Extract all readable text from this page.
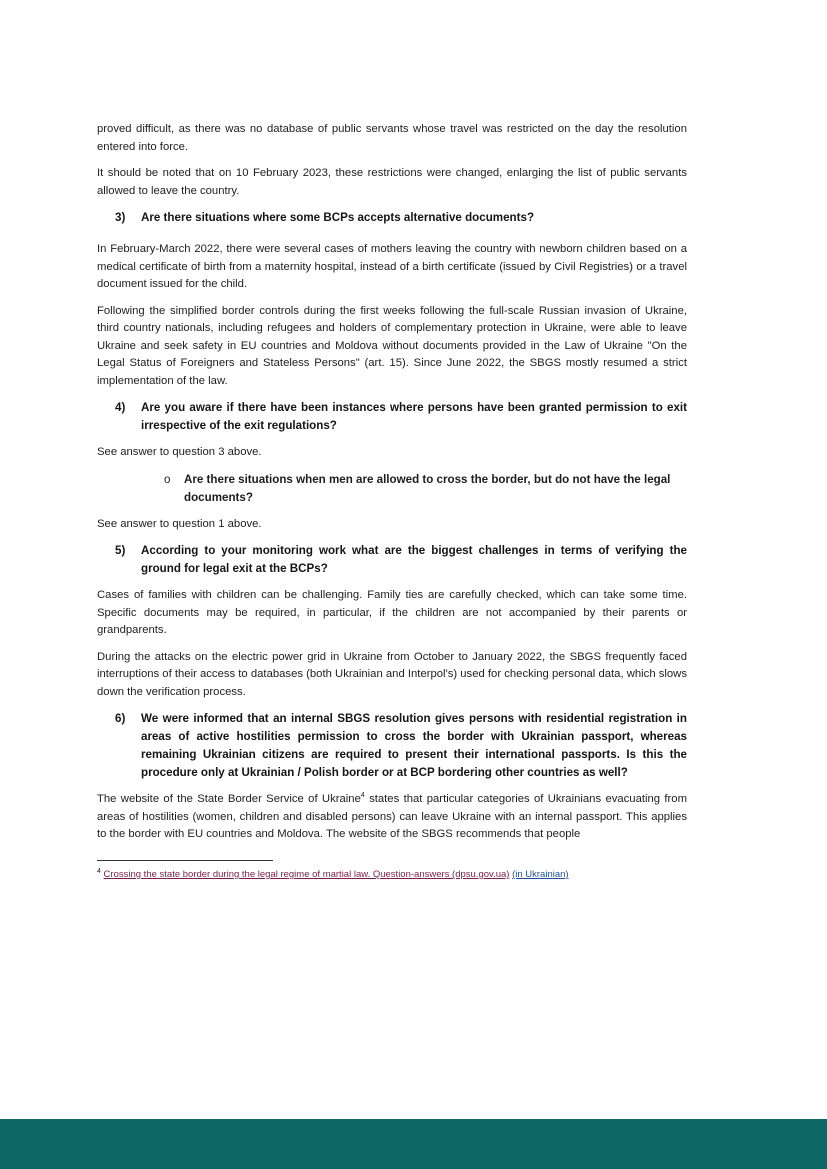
proved difficult, as there was no database of public servants whose travel was restricted on the day the resolution entered into force.

It should be noted that on 10 February 2023, these restrictions were changed, enlarging the list of public servants allowed to leave the country.

3)	Are there situations where some BCPs accepts alternative documents?

In February-March 2022, there were several cases of mothers leaving the country with newborn children based on a medical certificate of birth from a maternity hospital, instead of a birth certificate (issued by Civil Registries) or a travel document issued for the child.

Following the simplified border controls during the first weeks following the full-scale Russian invasion of Ukraine, third country nationals, including refugees and holders of complementary protection in Ukraine, were able to leave Ukraine and seek safety in EU countries and Moldova without documents provided in the Law of Ukraine "On the Legal Status of Foreigners and Stateless Persons" (art. 15). Since June 2022, the SBGS mostly resumed a strict implementation of the law.

4)	Are you aware if there have been instances where persons have been granted permission to exit irrespective of the exit regulations?

See answer to question 3 above.

o	Are there situations when men are allowed to cross the border, but do not have the legal documents?

See answer to question 1 above.

5)	According to your monitoring work what are the biggest challenges in terms of verifying the ground for legal exit at the BCPs?

Cases of families with children can be challenging. Family ties are carefully checked, which can take some time. Specific documents may be required, in particular, if the children are not accompanied by their parents or grandparents.

During the attacks on the electric power grid in Ukraine from October to January 2022, the SBGS frequently faced interruptions of their access to databases (both Ukrainian and Interpol's) used for checking personal data, which slows down the verification process.

6)	We were informed that an internal SBGS resolution gives persons with residential registration in areas of active hostilities permission to cross the border with Ukrainian passport, whereas remaining Ukrainian citizens are required to present their international passports. Is this the procedure only at Ukrainian / Polish border or at BCP bordering other countries as well?

The website of the State Border Service of Ukraine$^4$ states that particular categories of Ukrainians evacuating from areas of hostilities (women, children and disabled persons) can leave Ukraine with an internal passport. This applies to the border with EU countries and Moldova. The website of the SBGS recommends that people

$^4$ Crossing the state border during the legal regime of martial law. Question-answers (dpsu.gov.ua) (in Ukrainian)
